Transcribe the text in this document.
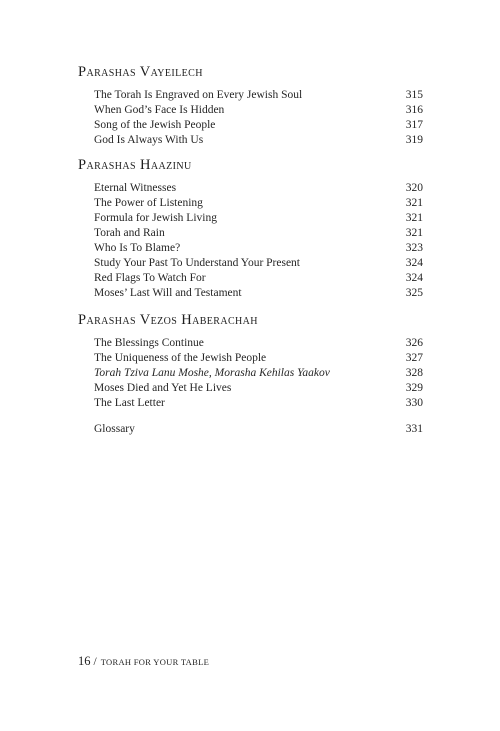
Parashas Vayeilech
The Torah Is Engraved on Every Jewish Soul	315
When God’s Face Is Hidden	316
Song of the Jewish People	317
God Is Always With Us	319
Parashas Haazinu
Eternal Witnesses	320
The Power of Listening	321
Formula for Jewish Living	321
Torah and Rain	321
Who Is To Blame?	323
Study Your Past To Understand Your Present	324
Red Flags To Watch For	324
Moses’ Last Will and Testament	325
Parashas Vezos Haberachah
The Blessings Continue	326
The Uniqueness of the Jewish People	327
Torah Tziva Lanu Moshe, Morasha Kehilas Yaakov	328
Moses Died and Yet He Lives	329
The Last Letter	330
Glossary	331
16 / TORAH FOR YOUR TABLE
